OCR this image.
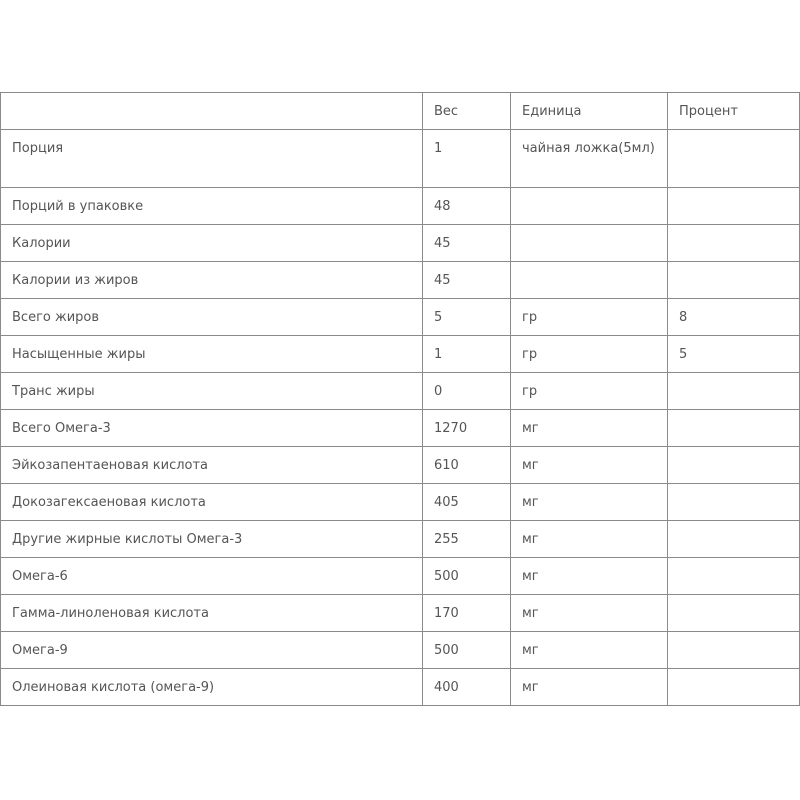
	Вес	Единица	Процент
Порция	1	чайная ложка(5мл)	
Порций в упаковке	48		
Калории	45		
Калории из жиров	45		
Всего жиров	5	гр	8
Насыщенные жиры	1	гр	5
Транс жиры	0	гр	
Всего Омега-3	1270	мг	
Эйкозапентаеновая кислота	610	мг	
Докозагексаеновая кислота	405	мг	
Другие жирные кислоты Омега-3	255	мг	
Омега-6	500	мг	
Гамма-линоленовая кислота	170	мг	
Омега-9	500	мг	
Олеиновая кислота (омега-9)	400	мг	
